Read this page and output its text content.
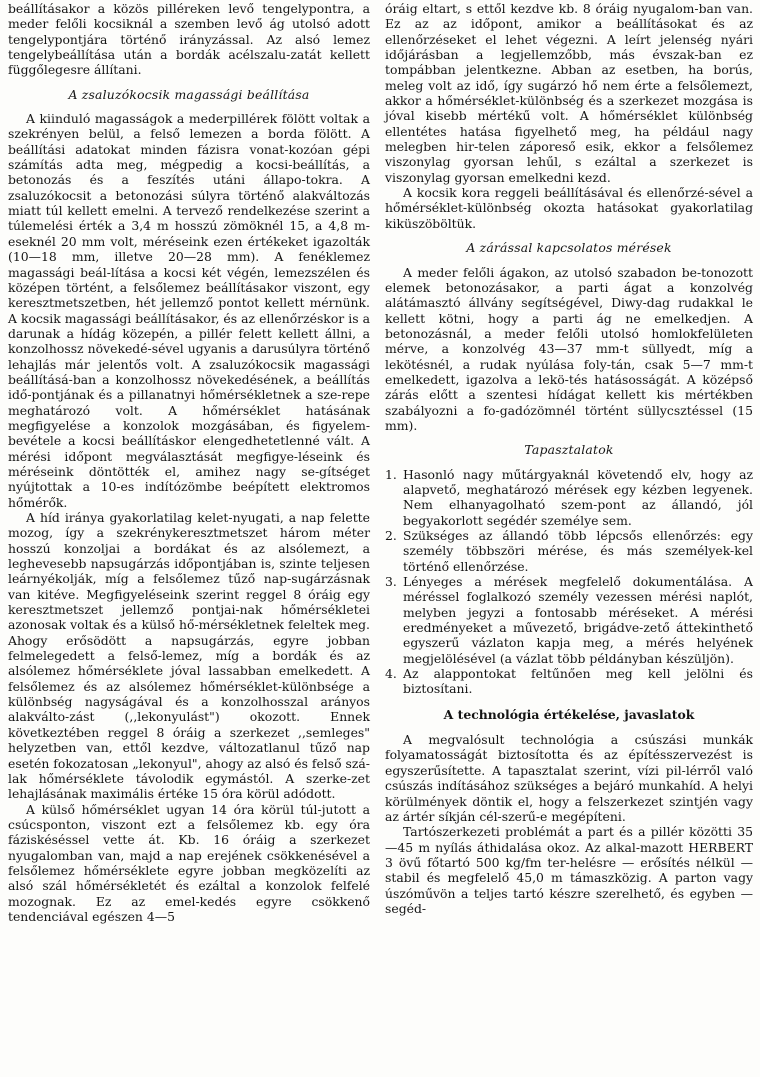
beállításakor a közös pillérеken levő tengelypontra, a meder felőli kocsiknál a szemben levő ág utolsó adott tengelypontjára történő irányzással. Az alsó lemez tengelybeállítása után a bordák acélszalu-zatát kellett függőlegesre állítani.

A zsaluzókocsik magassági beállítása

A kiinduló magasságok a mederpillérek fölött voltak a szekrényen belül, a felső lemezen a borda fölött. A beállítási adatokat minden fázisra vonat-kozóan gépi számítás adta meg, mégpedig a kocsi-beállítás, a betonozás és a feszítés utáni állapo-tokra. A zsaluzókocsit a betonozási súlyra történő alakváltozás miatt túl kellett emelni. A tervező rendelkezése szerint a túlemelési érték a 3,4 m hosszú zömöknél 15, a 4,8 m-eseknél 20 mm volt, méréseink ezen értékeket igazolták (10—18 mm, illetve 20—28 mm). A fenéklemez magassági beál-lítása a kocsi két végén, lemezszélen és középen történt, a felsőlemez beállításakor viszont, egy keresztmetszetben, hét jellemző pontot kellett mérnünk. A kocsik magassági beállításakor, és az ellenőrzéskor is a darunak a hídág közepén, a pillér felett kellett állni, a konzolhossz növekedé-sével ugyanis a darusúlyra történő lehajlás már jelentős volt. A zsaluzókocsik magassági beállításá-ban a konzolhossz növekedésének, a beállítás idő-pontjának és a pillanatnyi hőmérsékletnek a sze-repe meghatározó volt. A hőmérséklet hatásának megfigyelése a konzolok mozgásában, és figyelem-bevétele a kocsi beállításkor elengedhetetlenné vált. A mérési időpont megválasztását megfigye-léseink és méréseink döntötték el, amihez nagy se-gítséget nyújtottak a 10-es indítózömbe beépített elektromos hőmérők.

A híd iránya gyakorlatilag kelet-nyugati, a nap felette mozog, így a szekrénykeresztmetszet három méter hosszú konzoljai a bordákat és az alsólemezt, a leghevesebb napsugárzás időpontjában is, szinte teljesen leárnyékolják, míg a felsőlemez tűző nap-sugárzásnak van kitéve. Megfigyeléseink szerint reggel 8 óráig egy keresztmetszet jellemző pontjai-nak hőmérsékletei azonosak voltak és a külső hő-mérsékletnek feleltek meg. Ahogy erősödött a napsugárzás, egyre jobban felmelegedett a felső-lemez, míg a bordák és az alsólemez hőmérséklete jóval lassabban emelkedett. A felsőlemez és az alsólemez hőmérséklet-különbsége a különbség nagyságával és a konzolhosszal arányos alakválto-zást (,,lekonyulást") okozott. Ennek következtében reggel 8 óráig a szerkezet ,,semleges" helyzetben van, ettől kezdve, változatlanul tűző nap esetén fokozatosan „lekonyul", ahogy az alsó és felső szá-lak hőmérséklete távolodik egymástól. A szerke-zet lehajlásának maximális értéke 15 óra körül adódott.

A külső hőmérséklet ugyan 14 óra körül túl-jutott a csúcsponton, viszont ezt a felsőlemez kb. egy óra fáziskéséssel vette át. Kb. 16 óráig a szerkezet nyugalomban van, majd a nap erejének csökkenésével a felsőlemez hőmérséklete egyre jobban megközelíti az alsó szál hőmérsékletét és ezáltal a konzolok felfelé mozognak. Ez az emel-kedés egyre csökkenő tendenciával egészen 4—5

óráig eltart, s ettől kezdve kb. 8 óráig nyugalom-ban van. Ez az az időpont, amikor a beállításokat és az ellenőrzéseket el lehet végezni. A leírt jelenség nyári időjárásban a legjellemzőbb, más évszak-ban ez tompábban jelentkezne. Abban az esetben, ha borús, meleg volt az idő, így sugárzó hő nem érte a felsőlemezt, akkor a hőmérséklet-különbség és a szerkezet mozgása is jóval kisebb mértékű volt. A hőmérséklet különbség ellentétes hatása figyelhető meg, ha például nagy melegben hir-telen záporeső esik, ekkor a felsőlemez viszonylag gyorsan lehűl, s ezáltal a szerkezet is viszonylag gyorsan emelkedni kezd.

A kocsik kora reggeli beállításával és ellenőrzé-sével a hőmérséklet-különbség okozta hatásokat gyakorlatilag kiküszöböltük.

A zárással kapcsolatos mérések

A meder felőli ágakon, az utolsó szabadon be-tonozott elemek betonozásakor, a parti ágat a konzolvég alátámasztó állvány segítségével, Diwy-dag rudakkal le kellett kötni, hogy a parti ág ne emelkedjen. A betonozásnál, a meder felőli utolsó homlokfelületen mérve, a konzolvég 43—37 mm-t süllyedt, míg a lekötésnél, a rudak nyúlása foly-tán, csak 5—7 mm-t emelkedett, igazolva a lekö-tés hatásosságát. A középső zárás előtt a szentesi hídágat kellett kis mértékben szabályozni a fo-gadózömnél történt süllycsztéssel (15 mm).

Tapasztalatok
1. Hasonló nagy műtárgyaknál követendő elv, hogy az alapvető, meghatározó mérések egy kézben legyenek. Nem elhanyagolható szem-pont az állandó, jól begyakorlott segédér személye sem.
2. Szükséges az állandó több lépcsős ellenőrzés: egy személy többszöri mérése, és más személyek-kel történő ellenőrzése.
3. Lényeges a mérések megfelelő dokumentálása. A méréssel foglalkozó személy vezessen mérési naplót, melyben jegyzi a fontosabb méréseket. A mérési eredményeket a művezető, brigádve-zető áttekinthető egyszerű vázlaton kapja meg, a mérés helyének megjelölésével (a vázlat több példányban készüljön).
4. Az alappontokat feltűnően meg kell jelölni és biztosítani.
A technológia értékelése, javaslatok

A megvalósult technológia a csúszási munkák folyamatosságát biztosította és az építésszervezést is egyszerűsítette. A tapasztalat szerint, vízi pil-lérről való csúszás indításához szükséges a bejáró munkahíd. A helyi körülmények döntik el, hogy a felszerkezet szintjén vagy az ártér síkján cél-szerű-e megépíteni.

Tartószerkezeti problémát a part és a pillér közötti 35—45 m nyílás áthidalása okoz. Az alkal-mazott HERBERT 3 övű főtartó 500 kg/fm ter-helésre — erősítés nélkül — stabil és megfelelő 45,0 m támaszközig. A parton vagy úszóművön a teljes tartó készre szerelhető, és egyben — segéd-
